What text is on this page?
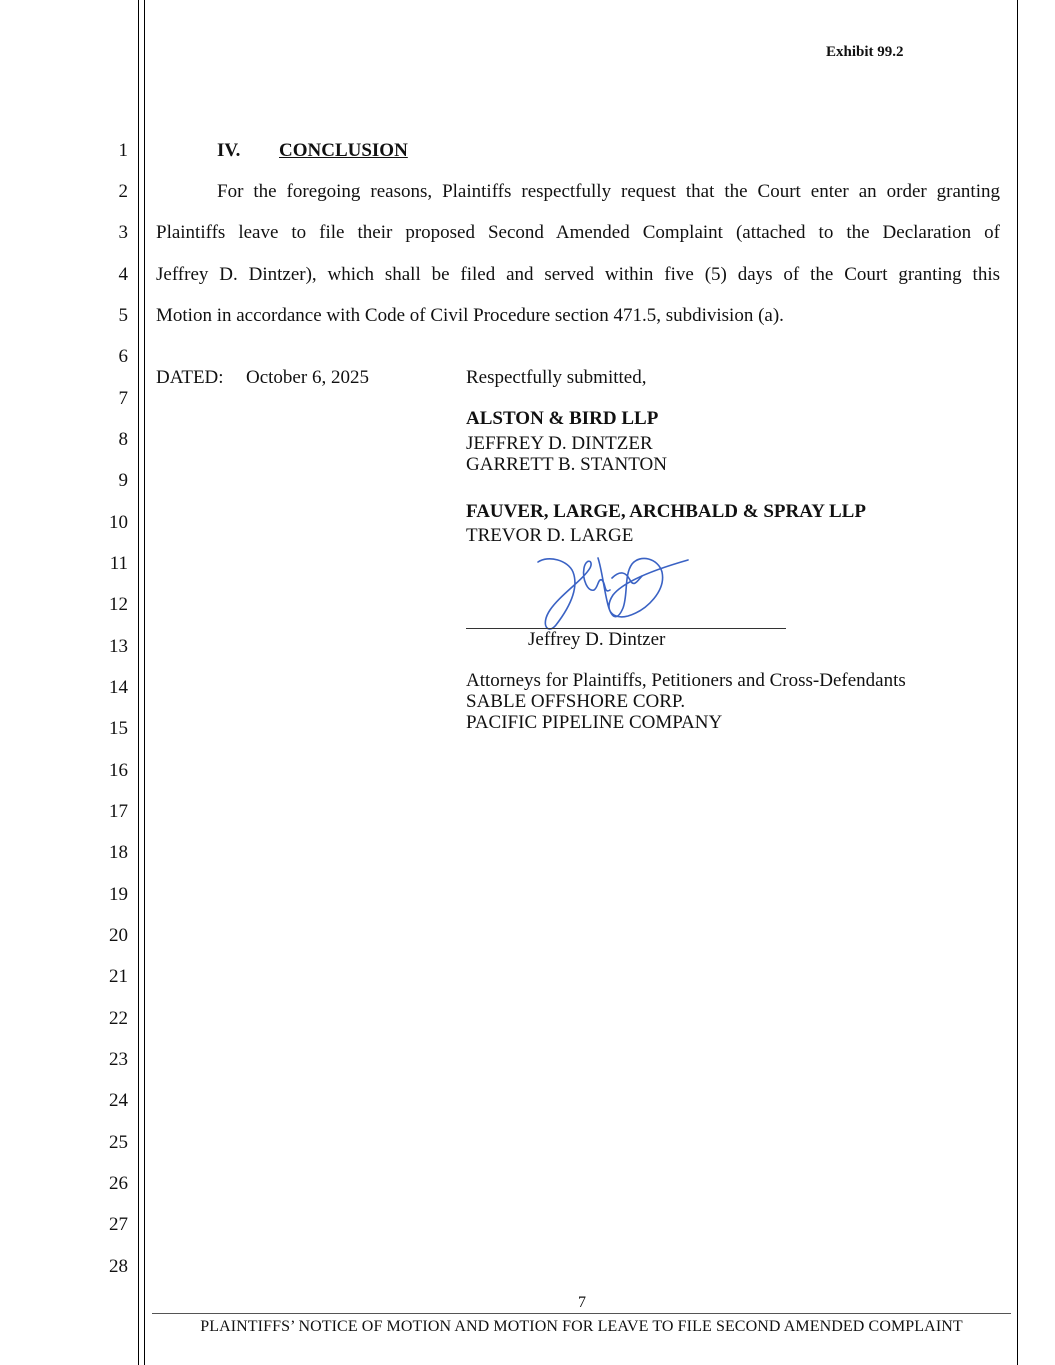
Exhibit 99.2
1
2
3
4
5
6
7
8
9
10
11
12
13
14
15
16
17
18
19
20
21
22
23
24
25
26
27
28
IV. CONCLUSION
For the foregoing reasons, Plaintiffs respectfully request that the Court enter an order granting
Plaintiffs leave to file their proposed Second Amended Complaint (attached to the Declaration of
Jeffrey D. Dintzer), which shall be filed and served within five (5) days of the Court granting this
Motion in accordance with Code of Civil Procedure section 471.5, subdivision (a).
DATED: October 6, 2025	Respectfully submitted,
ALSTON & BIRD LLP
JEFFREY D. DINTZER
GARRETT B. STANTON
FAUVER, LARGE, ARCHBALD & SPRAY LLP
TREVOR D. LARGE
Jeffrey D. Dintzer
Attorneys for Plaintiffs, Petitioners and Cross-Defendants
SABLE OFFSHORE CORP.
PACIFIC PIPELINE COMPANY
7
PLAINTIFFS’ NOTICE OF MOTION AND MOTION FOR LEAVE TO FILE SECOND AMENDED COMPLAINT
